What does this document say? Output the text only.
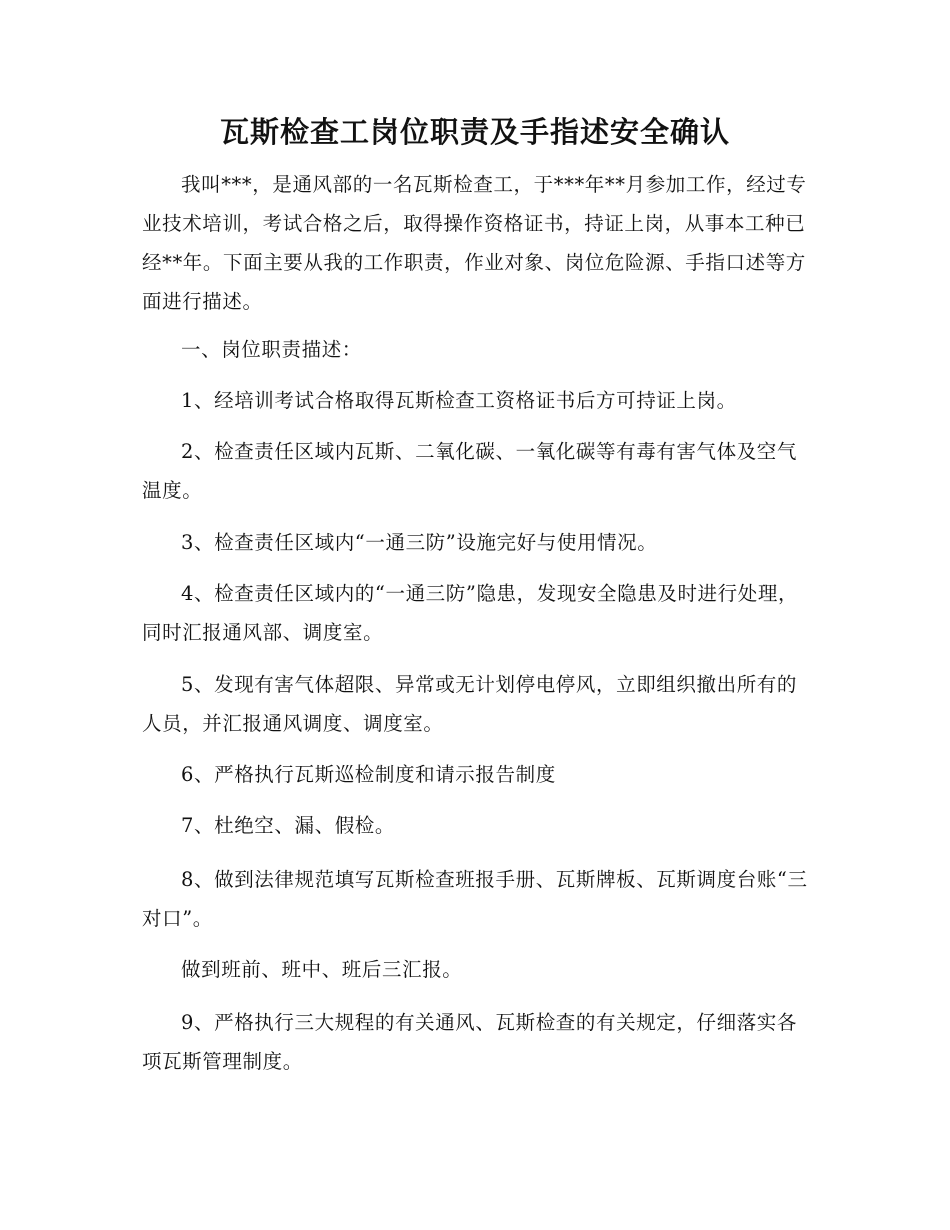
瓦斯检查工岗位职责及手指述安全确认

我叫***，是通风部的一名瓦斯检查工，于***年**月参加工作，经过专业技术培训，考试合格之后，取得操作资格证书，持证上岗，从事本工种已经**年。下面主要从我的工作职责，作业对象、岗位危险源、手指口述等方面进行描述。

一、岗位职责描述：

1、经培训考试合格取得瓦斯检查工资格证书后方可持证上岗。

2、检查责任区域内瓦斯、二氧化碳、一氧化碳等有毒有害气体及空气温度。

3、检查责任区域内“一通三防”设施完好与使用情况。

4、检查责任区域内的“一通三防”隐患，发现安全隐患及时进行处理，同时汇报通风部、调度室。

5、发现有害气体超限、异常或无计划停电停风，立即组织撤出所有的人员，并汇报通风调度、调度室。

6、严格执行瓦斯巡检制度和请示报告制度

7、杜绝空、漏、假检。

8、做到法律规范填写瓦斯检查班报手册、瓦斯牌板、瓦斯调度台账“三对口”。

做到班前、班中、班后三汇报。

9、严格执行三大规程的有关通风、瓦斯检查的有关规定，仔细落实各项瓦斯管理制度。
